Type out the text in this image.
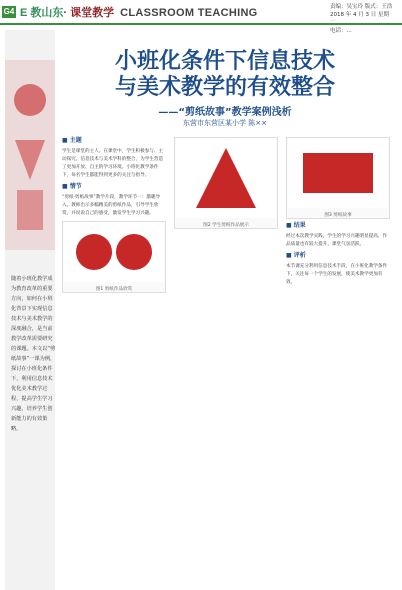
G4 E 教山东· 课堂教学 CLASSROOM TEACHING	责编：吴宝玲 版式：王浩
2018 年 4 月 3 日 星期
电话：...
随着小班化教学成为教育改革的重要方向，如何在小班化背景下实现信息技术与美术教学的深度融合，是当前教学改革需要研究的课题。本文以“剪纸故事”一课为例，探讨在小班化条件下，利用信息技术优化美术教学过程，提高学生学习兴趣，培养学生创新能力的有效策略。
小班化条件下信息技术
与美术教学的有效整合
——“剪纸故事”教学案例浅析
东营市东营区某小学 陈××
■ 主题
学生是课堂的主人。在课堂中，学生积极参与、主动探究。信息技术与美术学科的整合，为学生营造了更加开放、自主的学习环境。小班化教学条件下，每名学生都能得到更多的关注与指导。
■ 情节
“剪纸·剪纸故事”教学片段，教学环节一：激趣导入。教师出示多幅精美的剪纸作品，引导学生欣赏，并说说自己的感受，激发学生学习兴趣。
图1 剪纸作品欣赏
图2 学生剪纸作品展示
图3 剪纸故事
■ 结果
经过本次教学实践，学生的学习兴趣明显提高，作品质量也有较大提升，课堂气氛活跃。
■ 评析
本节课充分利用信息技术手段，在小班化教学条件下，关注每一个学生的发展，使美术教学更加有效。
